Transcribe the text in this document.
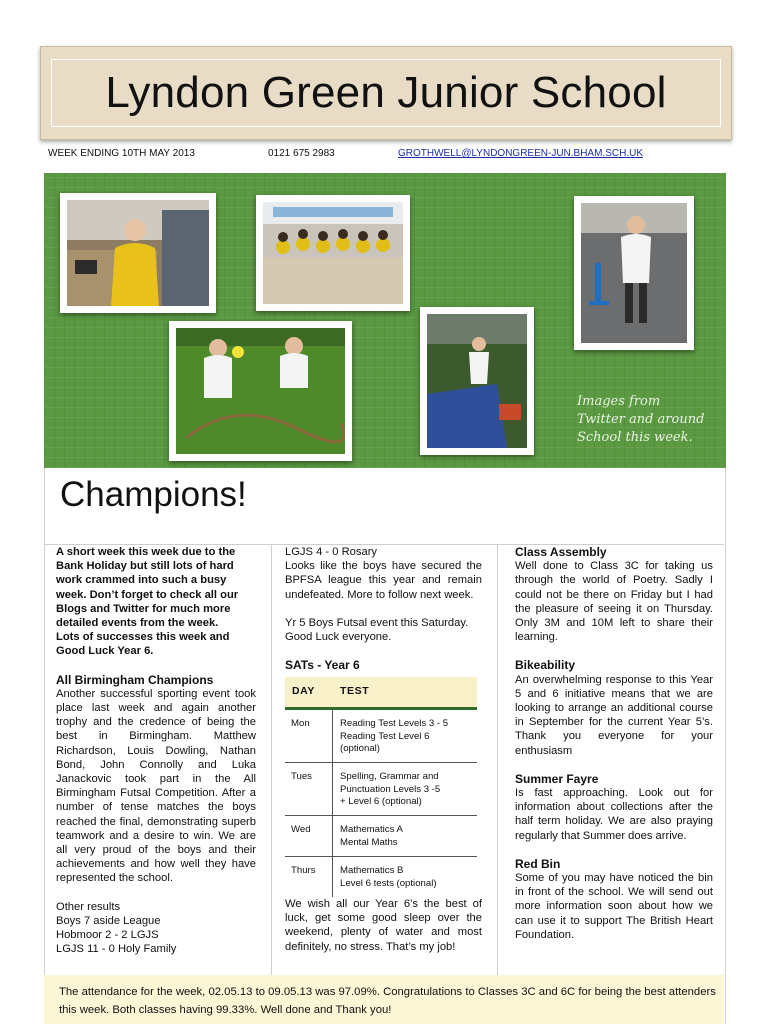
Lyndon Green Junior School
WEEK ENDING 10TH MAY 2013	0121 675 2983	GROTHWELL@LYNDONGREEN-JUN.BHAM.SCH.UK
Images from
Twitter and around
School this week.
Champions!
A short week this week due to the
Bank Holiday but still lots of hard
work crammed into such a busy
week. Don’t forget to check all our
Blogs and Twitter for much more
detailed events from the week.
Lots of successes this week and
Good Luck Year 6.

All Birmingham Champions

Another successful sporting event took place last week and again another trophy and the credence of being the best in Birmingham. Matthew Richardson, Louis Dowling, Nathan Bond, John Connolly and Luka Janackovic took part in the All Birmingham Futsal Competition. After a number of tense matches the boys reached the final, demonstrating superb teamwork and a desire to win. We are all very proud of the boys and their achievements and how well they have represented the school.

Other results
Boys 7 aside League
Hobmoor 2 - 2 LGJS
LGJS 11 - 0 Holy Family

LGJS 4 - 0 Rosary

Looks like the boys have secured the BPFSA league this year and remain undefeated. More to follow next week.

Yr 5 Boys Futsal event this Saturday. Good Luck everyone.

SATs - Year 6

DAY TEST
Mon	Reading Test Levels 3 - 5
Reading Test Level 6
(optional)
Tues	Spelling, Grammar and
Punctuation Levels 3 -5
+ Level 6 (optional)
Wed	Mathematics A
Mental Maths
Thurs	Mathematics B
Level 6 tests (optional)

We wish all our Year 6’s the best of luck, get some good sleep over the weekend, plenty of water and most definitely, no stress. That’s my job!

Class Assembly

Well done to Class 3C for taking us through the world of Poetry. Sadly I could not be there on Friday but I had the pleasure of seeing it on Thursday. Only 3M and 10M left to share their learning.

Bikeability

An overwhelming response to this Year 5 and 6 initiative means that we are looking to arrange an additional course in September for the current Year 5’s. Thank you everyone for your enthusiasm

Summer Fayre

Is fast approaching. Look out for information about collections after the half term holiday. We are also praying regularly that Summer does arrive.

Red Bin

Some of you may have noticed the bin in front of the school. We will send out more information soon about how we can use it to support The British Heart Foundation.

The attendance for the week, 02.05.13 to 09.05.13 was 97.09%. Congratulations to Classes 3C and 6C for being the best attenders this week. Both classes having 99.33%. Well done and Thank you!
